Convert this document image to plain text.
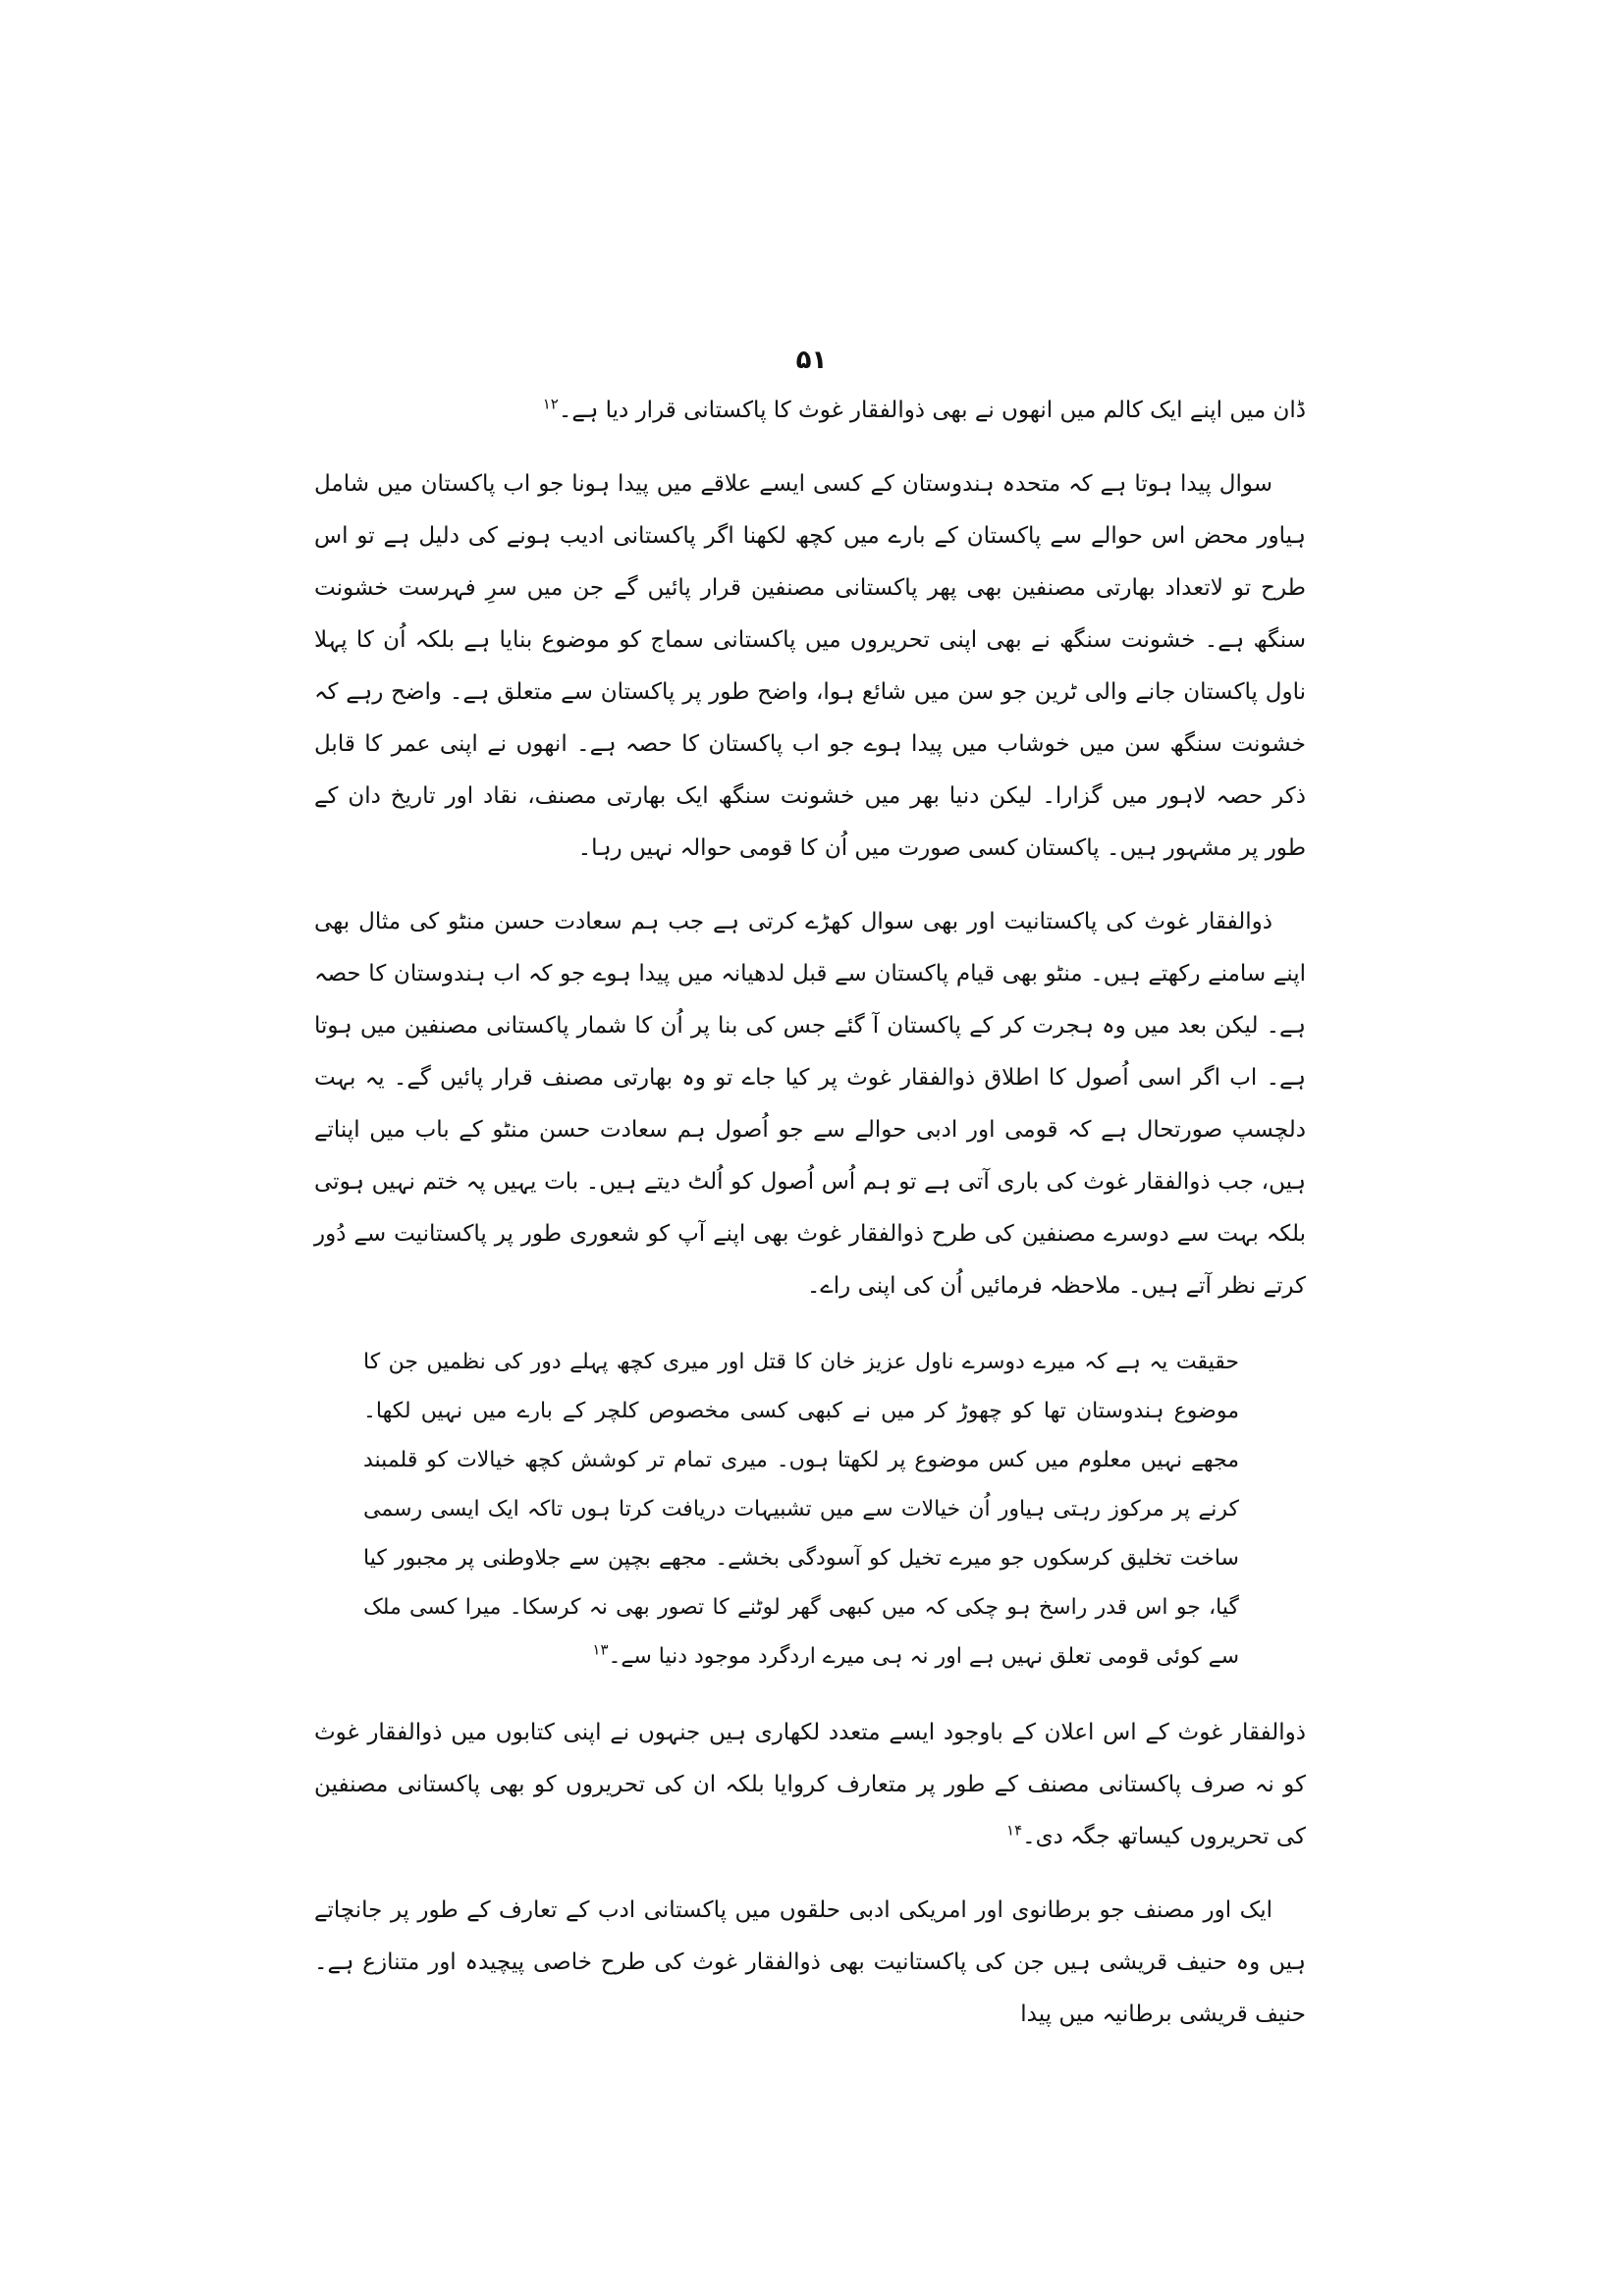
۵۱

ڈان میں اپنے ایک کالم میں انھوں نے بھی ذوالفقار غوث کا پاکستانی قرار دیا ہے۔$^{۱۲}$

سوال پیدا ہوتا ہے کہ متحدہ ہندوستان کے کسی ایسے علاقے میں پیدا ہونا جو اب پاکستان میں شامل ہیاور محض اس حوالے سے پاکستان کے بارے میں کچھ لکھنا اگر پاکستانی ادیب ہونے کی دلیل ہے تو اس طرح تو لاتعداد بھارتی مصنفین بھی پھر پاکستانی مصنفین قرار پائیں گے جن میں سرِ فہرست خشونت سنگھ ہے۔ خشونت سنگھ نے بھی اپنی تحریروں میں پاکستانی سماج کو موضوع بنایا ہے بلکہ اُن کا پہلا ناول پاکستان جانے والی ٹرین جو سن میں شائع ہوا، واضح طور پر پاکستان سے متعلق ہے۔ واضح رہے کہ خشونت سنگھ سن میں خوشاب میں پیدا ہوے جو اب پاکستان کا حصہ ہے۔ انھوں نے اپنی عمر کا قابل ذکر حصہ لاہور میں گزارا۔ لیکن دنیا بھر میں خشونت سنگھ ایک بھارتی مصنف، نقاد اور تاریخ دان کے طور پر مشہور ہیں۔ پاکستان کسی صورت میں اُن کا قومی حوالہ نہیں رہا۔

ذوالفقار غوث کی پاکستانیت اور بھی سوال کھڑے کرتی ہے جب ہم سعادت حسن منٹو کی مثال بھی اپنے سامنے رکھتے ہیں۔ منٹو بھی قیام پاکستان سے قبل لدھیانہ میں پیدا ہوے جو کہ اب ہندوستان کا حصہ ہے۔ لیکن بعد میں وہ ہجرت کر کے پاکستان آ گئے جس کی بنا پر اُن کا شمار پاکستانی مصنفین میں ہوتا ہے۔ اب اگر اسی اُصول کا اطلاق ذوالفقار غوث پر کیا جاے تو وہ بھارتی مصنف قرار پائیں گے۔ یہ بہت دلچسپ صورتحال ہے کہ قومی اور ادبی حوالے سے جو اُصول ہم سعادت حسن منٹو کے باب میں اپناتے ہیں، جب ذوالفقار غوث کی باری آتی ہے تو ہم اُس اُصول کو اُلٹ دیتے ہیں۔ بات یہیں پہ ختم نہیں ہوتی بلکہ بہت سے دوسرے مصنفین کی طرح ذوالفقار غوث بھی اپنے آپ کو شعوری طور پر پاکستانیت سے دُور کرتے نظر آتے ہیں۔ ملاحظہ فرمائیں اُن کی اپنی راے۔

حقیقت یہ ہے کہ میرے دوسرے ناول عزیز خان کا قتل اور میری کچھ پہلے دور کی نظمیں جن کا موضوع ہندوستان تھا کو چھوڑ کر میں نے کبھی کسی مخصوص کلچر کے بارے میں نہیں لکھا۔ مجھے نہیں معلوم میں کس موضوع پر لکھتا ہوں۔ میری تمام تر کوشش کچھ خیالات کو قلمبند کرنے پر مرکوز رہتی ہیاور اُن خیالات سے میں تشبیہات دریافت کرتا ہوں تاکہ ایک ایسی رسمی ساخت تخلیق کرسکوں جو میرے تخیل کو آسودگی بخشے۔ مجھے بچپن سے جلاوطنی پر مجبور کیا گیا، جو اس قدر راسخ ہو چکی کہ میں کبھی گھر لوٹنے کا تصور بھی نہ کرسکا۔ میرا کسی ملک سے کوئی قومی تعلق نہیں ہے اور نہ ہی میرے اردگرد موجود دنیا سے۔$^{۱۳}$

ذوالفقار غوث کے اس اعلان کے باوجود ایسے متعدد لکھاری ہیں جنہوں نے اپنی کتابوں میں ذوالفقار غوث کو نہ صرف پاکستانی مصنف کے طور پر متعارف کروایا بلکہ ان کی تحریروں کو بھی پاکستانی مصنفین کی تحریروں کیساتھ جگہ دی۔$^{۱۴}$

ایک اور مصنف جو برطانوی اور امریکی ادبی حلقوں میں پاکستانی ادب کے تعارف کے طور پر جانچاتے ہیں وہ حنیف قریشی ہیں جن کی پاکستانیت بھی ذوالفقار غوث کی طرح خاصی پیچیدہ اور متنازع ہے۔ حنیف قریشی برطانیہ میں پیدا
